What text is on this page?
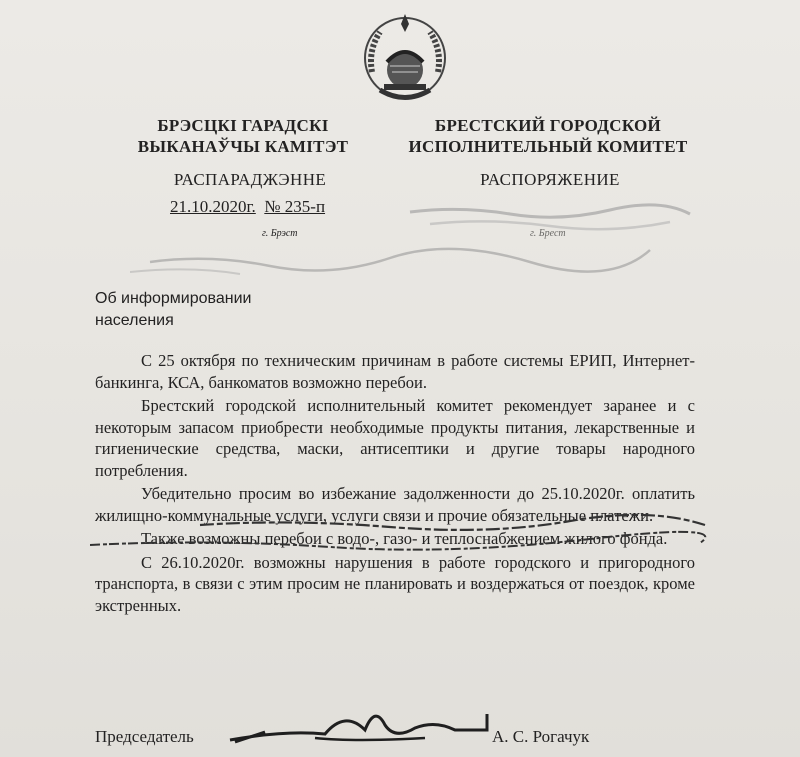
БРЭСЦКІ ГАРАДСКІ
ВЫКАНАЎЧЫ КАМІТЭТ
БРЕСТСКИЙ ГОРОДСКОЙ
ИСПОЛНИТЕЛЬНЫЙ КОМИТЕТ
РАСПАРАДЖЭННЕ	РАСПОРЯЖЕНИЕ
21.10.2020г. № 235-п
г. Брэст	г. Брест
Об информировании
населения

С 25 октября по техническим причинам в работе системы ЕРИП, Интернет-банкинга, КСА, банкоматов возможно перебои.

Брестский городской исполнительный комитет рекомендует заранее и с некоторым запасом приобрести необходимые продукты питания, лекарственные и гигиенические средства, маски, антисептики и другие товары народного потребления.

Убедительно просим во избежание задолженности до 25.10.2020г. оплатить жилищно-коммунальные услуги, услуги связи и прочие обязательные платежи.

Также возможны перебои с водо-, газо- и теплоснабжением жилого фонда.

С 26.10.2020г. возможны нарушения в работе городского и пригородного транспорта, в связи с этим просим не планировать и воздержаться от поездок, кроме экстренных.

Председатель	А. С. Рогачук
